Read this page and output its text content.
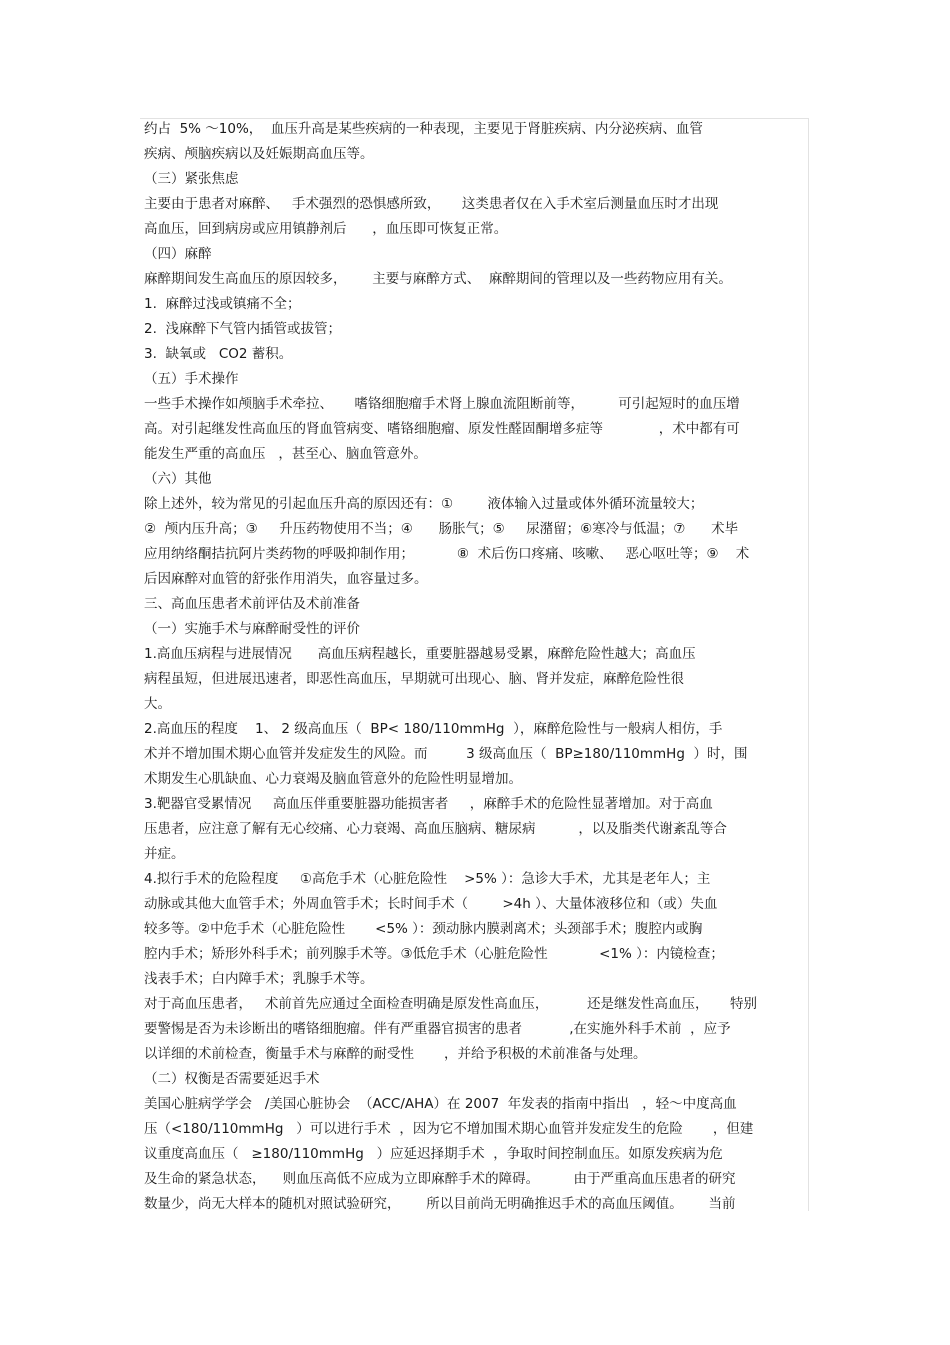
约占  5% ～10%，  血压升高是某些疾病的一种表现，主要见于肾脏疾病、内分泌疾病、血管
疾病、颅脑疾病以及妊娠期高血压等。
（三）紧张焦虑
主要由于患者对麻醉、   手术强烈的恐惧感所致，     这类患者仅在入手术室后测量血压时才出现
高血压，回到病房或应用镇静剂后      ，血压即可恢复正常。
（四）麻醉
麻醉期间发生高血压的原因较多，      主要与麻醉方式、  麻醉期间的管理以及一些药物应用有关。
1.  麻醉过浅或镇痛不全；
2.  浅麻醉下气管内插管或拔管；
3.  缺氧或   CO2 蓄积。
（五）手术操作
一些手术操作如颅脑手术牵拉、     嗜铬细胞瘤手术肾上腺血流阻断前等，        可引起短时的血压增
高。对引起继发性高血压的肾血管病变、嗜铬细胞瘤、原发性醛固酮增多症等             ，术中都有可
能发生严重的高血压   ，甚至心、脑血管意外。
（六）其他
除上述外，较为常见的引起血压升高的原因还有：①        液体输入过量或体外循环流量较大；
②  颅内压升高；③     升压药物使用不当；④      肠胀气；⑤     尿潴留；⑥寒冷与低温；⑦      术毕
应用纳络酮拮抗阿片类药物的呼吸抑制作用；          ⑧  术后伤口疼痛、咳嗽、   恶心呕吐等；⑨    术
后因麻醉对血管的舒张作用消失，血容量过多。
三、高血压患者术前评估及术前准备
（一）实施手术与麻醉耐受性的评价
1.高血压病程与进展情况      高血压病程越长，重要脏器越易受累，麻醉危险性越大；高血压
病程虽短，但进展迅速者，即恶性高血压，早期就可出现心、脑、肾并发症，麻醉危险性很
大。
2.高血压的程度    1、 2 级高血压（  BP< 180/110mmHg  ），麻醉危险性与一般病人相仿，手
术并不增加围术期心血管并发症发生的风险。而         3 级高血压（  BP≥180/110mmHg  ）时，围
术期发生心肌缺血、心力衰竭及脑血管意外的危险性明显增加。
3.靶器官受累情况     高血压伴重要脏器功能损害者     ，麻醉手术的危险性显著增加。对于高血
压患者，应注意了解有无心绞痛、心力衰竭、高血压脑病、糖尿病          ，以及脂类代谢紊乱等合
并症。
4.拟行手术的危险程度     ①高危手术（心脏危险性    >5% ）：急诊大手术，尤其是老年人；主
动脉或其他大血管手术；外周血管手术；长时间手术（        >4h ）、大量体液移位和（或）失血
较多等。②中危手术（心脏危险性       <5% ）：颈动脉内膜剥离术；头颈部手术；腹腔内或胸
腔内手术；矫形外科手术；前列腺手术等。③低危手术（心脏危险性            <1% ）：内镜检查；
浅表手术；白内障手术；乳腺手术等。
对于高血压患者，   术前首先应通过全面检查明确是原发性高血压，         还是继发性高血压，     特别
要警惕是否为未诊断出的嗜铬细胞瘤。伴有严重器官损害的患者           ,在实施外科手术前  ，应予
以详细的术前检查，衡量手术与麻醉的耐受性       ，并给予积极的术前准备与处理。
（二）权衡是否需要延迟手术
美国心脏病学学会   /美国心脏协会  （ACC/AHA）在 2007  年发表的指南中指出   ，轻～中度高血
压（<180/110mmHg   ）可以进行手术  ，因为它不增加围术期心血管并发症发生的危险       ，但建
议重度高血压（   ≥180/110mmHg   ）应延迟择期手术  ，争取时间控制血压。如原发疾病为危
及生命的紧急状态，    则血压高低不应成为立即麻醉手术的障碍。        由于严重高血压患者的研究
数量少，尚无大样本的随机对照试验研究，      所以目前尚无明确推迟手术的高血压阈值。      当前
